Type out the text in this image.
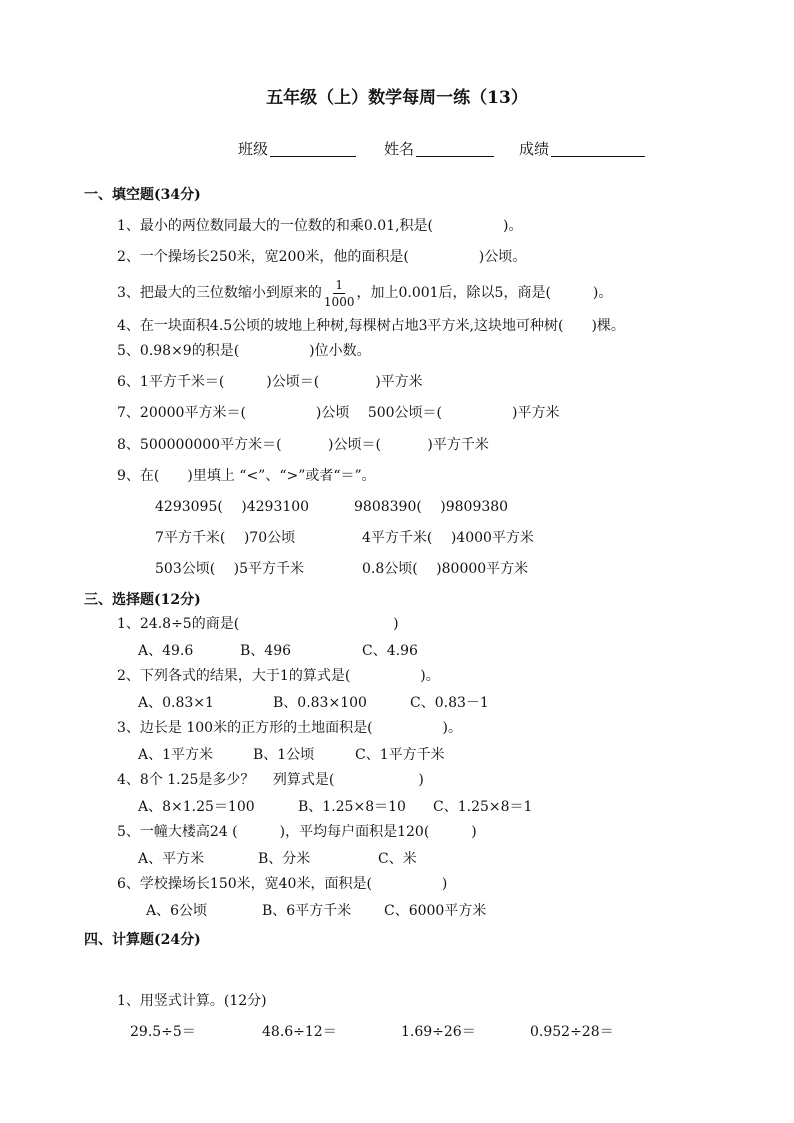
五年级（上）数学每周一练（13）
班级	姓名	成绩
一、填空题(34分)
1、最小的两位数同最大的一位数的和乘0.01,积是(　　　　　)。
2、一个操场长250米，宽200米，他的面积是(　　　　　)公顷。
3、把最大的三位数缩小到原来的 $\frac{1}{1000}$ ，加上0.001后，除以5，商是(　　　)。
4、在一块面积4.5公顷的坡地上种树,每棵树占地3平方米,这块地可种树(　　)棵。
5、0.98×9的积是(　　　　　)位小数。
6、1平方千米＝(　　　)公顷＝(　　　　)平方米
7、20000平方米＝(　　　　　)公顷　 500公顷＝(　　　　　)平方米
8、500000000平方米＝(　　　 )公顷＝(　　　 )平方千米
9、在(　　)里填上 “<”、“>”或者“＝”。
4293095(　 )4293100	9808390(　 )9809380
7平方千米(　 )70公顷	4平方千米(　 )4000平方米
503公顷(　 )5平方千米	0.8公顷(　 )80000平方米
三、选择题(12分)
1、24.8÷5的商是(　　　　　　　　　　　)
A、49.6	B、496	C、4.96
2、下列各式的结果，大于1的算式是(　　　　　)。
A、0.83×1	B、0.83×100	C、0.83－1
3、边长是 100米的正方形的土地面积是(　　　　　)。
A、1平方米	B、1公顷	C、1平方千米
4、8个 1.25是多少？　 列算式是(　　　　　　)
A、8×1.25＝100	B、1.25×8＝10 C、1.25×8＝1
5、一幢大楼高24 (　　　)，平均每户面积是120(　　　)
A、平方米	B、分米	C、米
6、学校操场长150米，宽40米，面积是(　　　　　)
A、6公顷	B、6平方千米 C、6000平方米
四、计算题(24分)
1、用竖式计算。(12分)
29.5÷5＝	48.6÷12＝	1.69÷26＝	0.952÷28＝
